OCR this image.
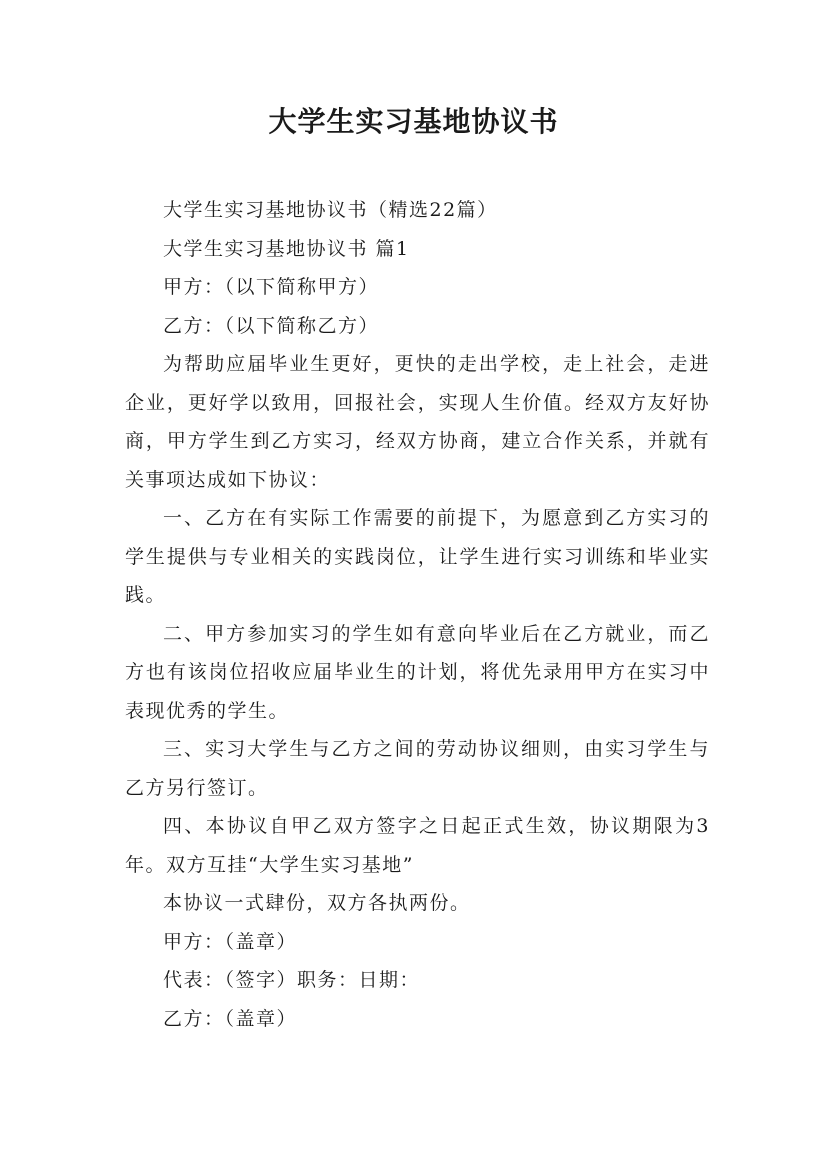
大学生实习基地协议书

大学生实习基地协议书（精选22篇）

大学生实习基地协议书 篇1

甲方：（以下简称甲方）

乙方：（以下简称乙方）

为帮助应届毕业生更好，更快的走出学校，走上社会，走进企业，更好学以致用，回报社会，实现人生价值。经双方友好协商，甲方学生到乙方实习，经双方协商，建立合作关系，并就有关事项达成如下协议：

一、乙方在有实际工作需要的前提下，为愿意到乙方实习的学生提供与专业相关的实践岗位，让学生进行实习训练和毕业实践。

二、甲方参加实习的学生如有意向毕业后在乙方就业，而乙方也有该岗位招收应届毕业生的计划，将优先录用甲方在实习中表现优秀的学生。

三、实习大学生与乙方之间的劳动协议细则，由实习学生与乙方另行签订。

四、本协议自甲乙双方签字之日起正式生效，协议期限为3年。双方互挂“大学生实习基地”

本协议一式肆份，双方各执两份。

甲方：（盖章）

代表：（签字）职务：日期：

乙方：（盖章）
